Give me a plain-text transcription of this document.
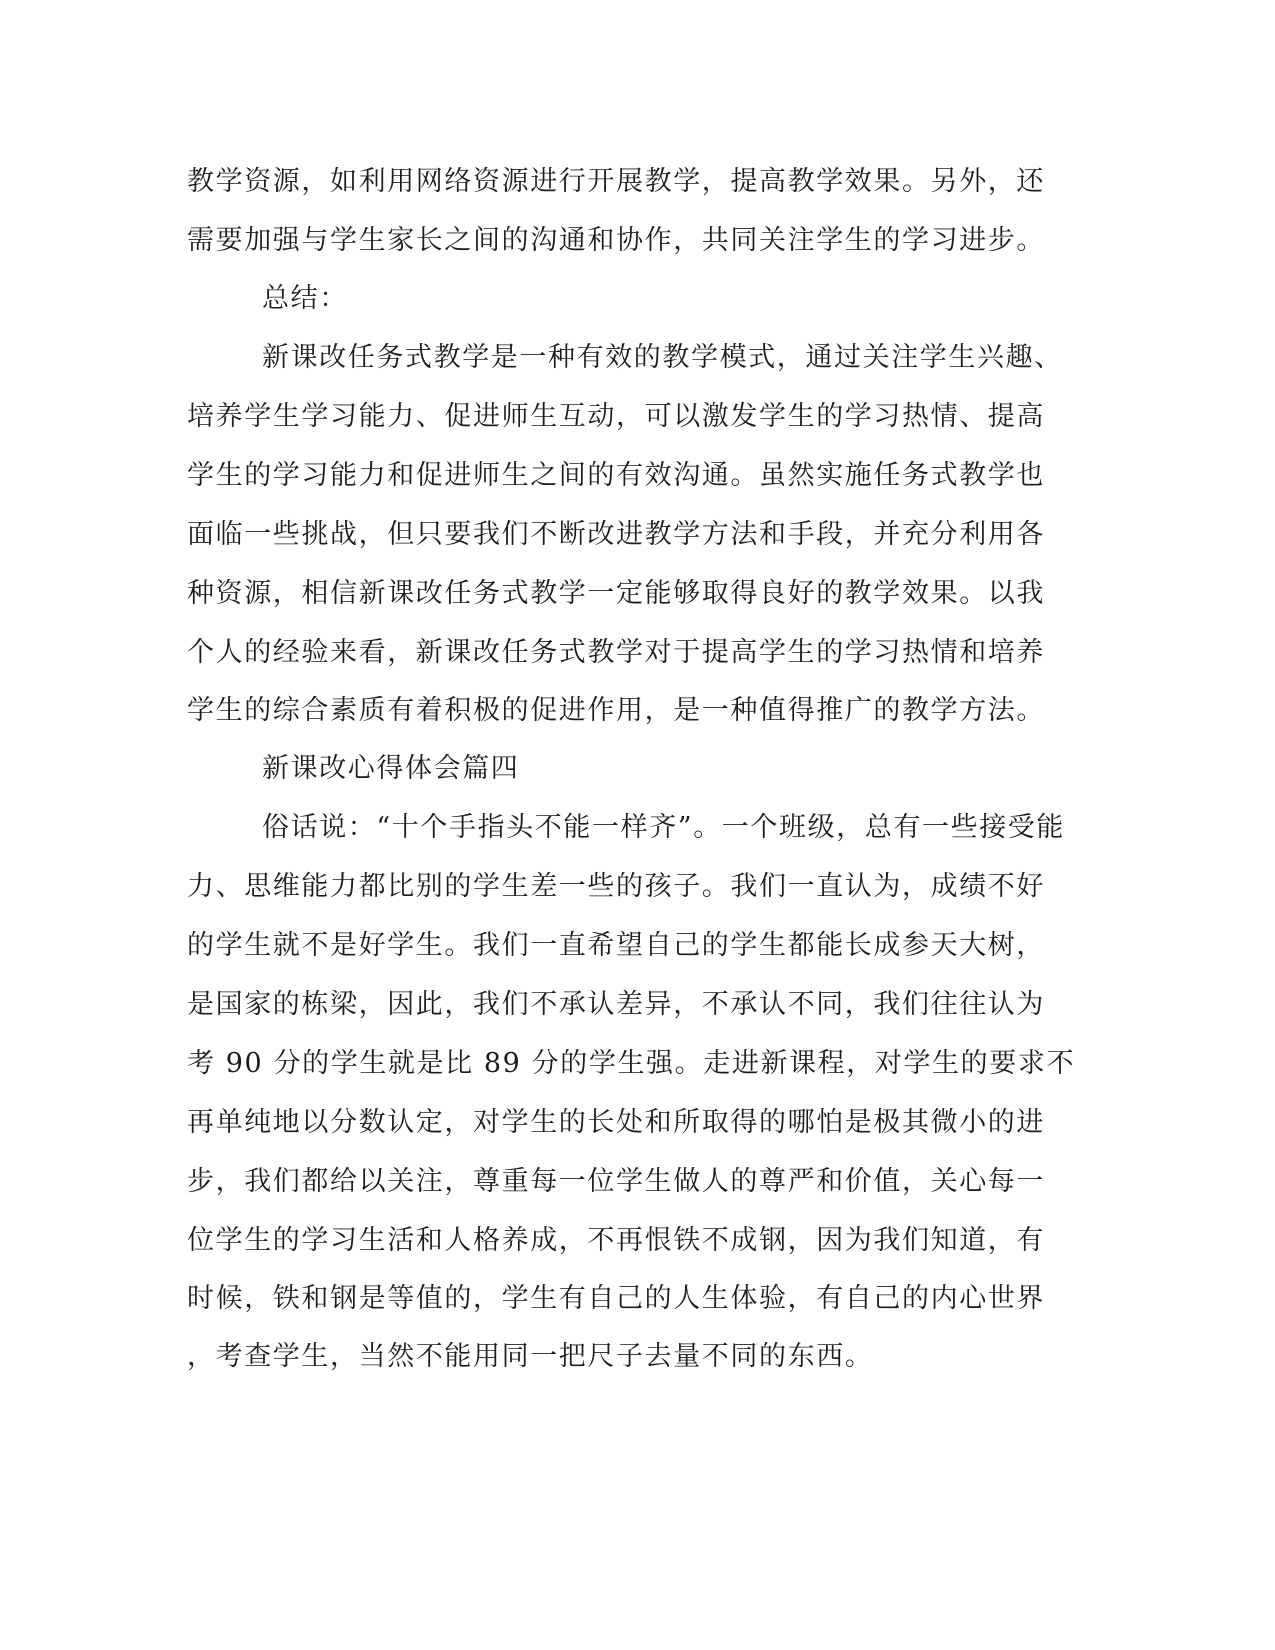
教学资源，如利用网络资源进行开展教学，提高教学效果。另外，还
需要加强与学生家长之间的沟通和协作，共同关注学生的学习进步。
总结：
新课改任务式教学是一种有效的教学模式，通过关注学生兴趣、
培养学生学习能力、促进师生互动，可以激发学生的学习热情、提高
学生的学习能力和促进师生之间的有效沟通。虽然实施任务式教学也
面临一些挑战，但只要我们不断改进教学方法和手段，并充分利用各
种资源，相信新课改任务式教学一定能够取得良好的教学效果。以我
个人的经验来看，新课改任务式教学对于提高学生的学习热情和培养
学生的综合素质有着积极的促进作用，是一种值得推广的教学方法。
新课改心得体会篇四
俗话说：“十个手指头不能一样齐”。一个班级，总有一些接受能
力、思维能力都比别的学生差一些的孩子。我们一直认为，成绩不好
的学生就不是好学生。我们一直希望自己的学生都能长成参天大树，
是国家的栋梁，因此，我们不承认差异，不承认不同，我们往往认为
考 90 分的学生就是比 89 分的学生强。走进新课程，对学生的要求不
再单纯地以分数认定，对学生的长处和所取得的哪怕是极其微小的进
步，我们都给以关注，尊重每一位学生做人的尊严和价值，关心每一
位学生的学习生活和人格养成，不再恨铁不成钢，因为我们知道，有
时候，铁和钢是等值的，学生有自己的人生体验，有自己的内心世界
，考查学生，当然不能用同一把尺子去量不同的东西。
